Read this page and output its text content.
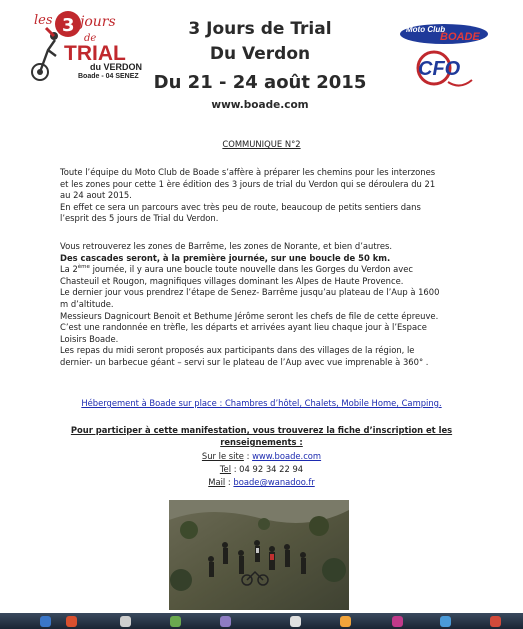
les 3 jours
de
TRIAL
du VERDON
Boade - 04 SENEZ
Moto Club
BOADE
CFO
3 Jours de Trial
Du Verdon
Du 21 - 24 août 2015
www.boade.com
COMMUNIQUE N°2

Toute l’équipe du Moto Club de Boade s’affère à préparer les chemins pour les interzones

et les zones pour cette 1 ère édition des 3 jours de trial du Verdon qui se déroulera du 21

au 24 aout 2015.

En effet ce sera un parcours avec très peu de route, beaucoup de petits sentiers dans

l’esprit des 5 jours de Trial du Verdon.

Vous retrouverez les zones de Barrême, les zones de Norante, et bien d’autres.

Des cascades seront, à la première journée, sur une boucle de 50 km.

La 2ème journée, il y aura une boucle toute nouvelle dans les Gorges du Verdon avec

Chasteuil et Rougon, magnifiques villages dominant les Alpes de Haute Provence.

Le dernier jour vous prendrez l’étape de Senez- Barrême jusqu’au plateau de l’Aup à 1600

m d’altitude.

Messieurs Dagnicourt Benoit et Bethume Jérôme seront les chefs de file de cette épreuve.

C’est une randonnée en trèfle, les départs et arrivées ayant lieu chaque jour à l’Espace

Loisirs Boade.

Les repas du midi seront proposés aux participants dans des villages de la région, le

dernier- un barbecue géant – servi sur le plateau de l’Aup avec vue imprenable à 360° .

Hébergement à Boade sur place : Chambres d’hôtel, Chalets, Mobile Home, Camping.
Pour participer à cette manifestation, vous trouverez la fiche d’inscription et les
renseignements :
Sur le site : www.boade.com
Tel : 04 92 34 22 94
Mail : boade@wanadoo.fr
